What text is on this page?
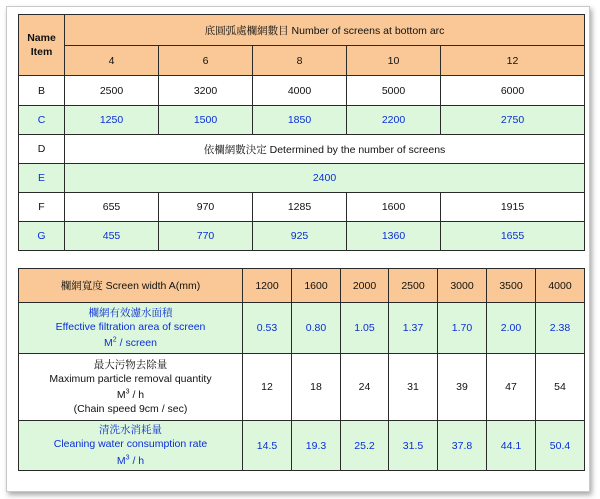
Name
Item	底圓弧處欄網數目 Number of screens at bottom arc				
	4	6	8	10	12
B	2500	3200	4000	5000	6000
C	1250	1500	1850	2200	2750
D	依欄網數決定 Determined by the number of screens				
E	2400				
F	655	970	1285	1600	1915
G	455	770	925	1360	1655
欄網寬度 Screen width A(mm)	1200	1600	2000	2500	3000	3500	4000
欄網有效濾水面積
Effective filtration area of screen
$M^2$ / screen	0.53	0.80	1.05	1.37	1.70	2.00	2.38
最大污物去除量
Maximum particle removal quantity
$M^3$ / h
(Chain speed 9cm / sec)	12	18	24	31	39	47	54
清洗水消耗量
Cleaning water consumption rate
$M^3$ / h	14.5	19.3	25.2	31.5	37.8	44.1	50.4
